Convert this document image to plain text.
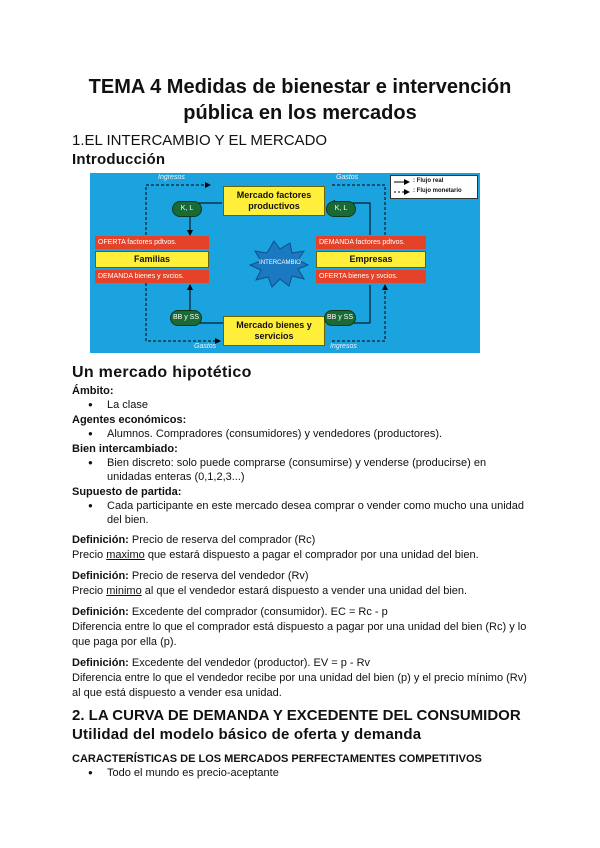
TEMA 4 Medidas de bienestar e intervención pública en los mercados
1.EL INTERCAMBIO Y EL MERCADO
Introducción
Ingresos	Gastos
Gastos	Ingresos
Mercado factores productivos
Mercado bienes y servicios
K, L	K, L
BB y SS	BB y SS
OFERTA factores pdtvos.
Familias
DEMANDA bienes y svcios.
DEMANDA factores pdtvos.
Empresas
OFERTA bienes y svcios.
INTERCAMBIO
: Flujo real
: Flujo monetario
Un mercado hipotético
Ámbito:
● La clase
Agentes económicos:
● Alumnos. Compradores (consumidores) y vendedores (productores).
Bien intercambiado:
● Bien discreto: solo puede comprarse (consumirse) y venderse (producirse) en unidadas enteras (0,1,2,3...)
Supuesto de partida:
● Cada participante en este mercado desea comprar o vender como mucho una unidad del bien.
Definición: Precio de reserva del comprador (Rc)
Precio maximo que estará dispuesto a pagar el comprador por una unidad del bien.
Definición: Precio de reserva del vendedor (Rv)
Precio minimo al que el vendedor estará dispuesto a vender una unidad del bien.
Definición: Excedente del comprador (consumidor). EC = Rc - p
Diferencia entre lo que el comprador está dispuesto a pagar por una unidad del bien (Rc) y lo que paga por ella (p).
Definición: Excedente del vendedor (productor). EV = p - Rv
Diferencia entre lo que el vendedor recibe por una unidad del bien (p) y el precio mínimo (Rv) al que está dispuesto a vender esa unidad.
2. LA CURVA DE DEMANDA Y EXCEDENTE DEL CONSUMIDOR
Utilidad del modelo básico de oferta y demanda
CARACTERÍSTICAS DE LOS MERCADOS PERFECTAMENTES COMPETITIVOS
● Todo el mundo es precio-aceptante
